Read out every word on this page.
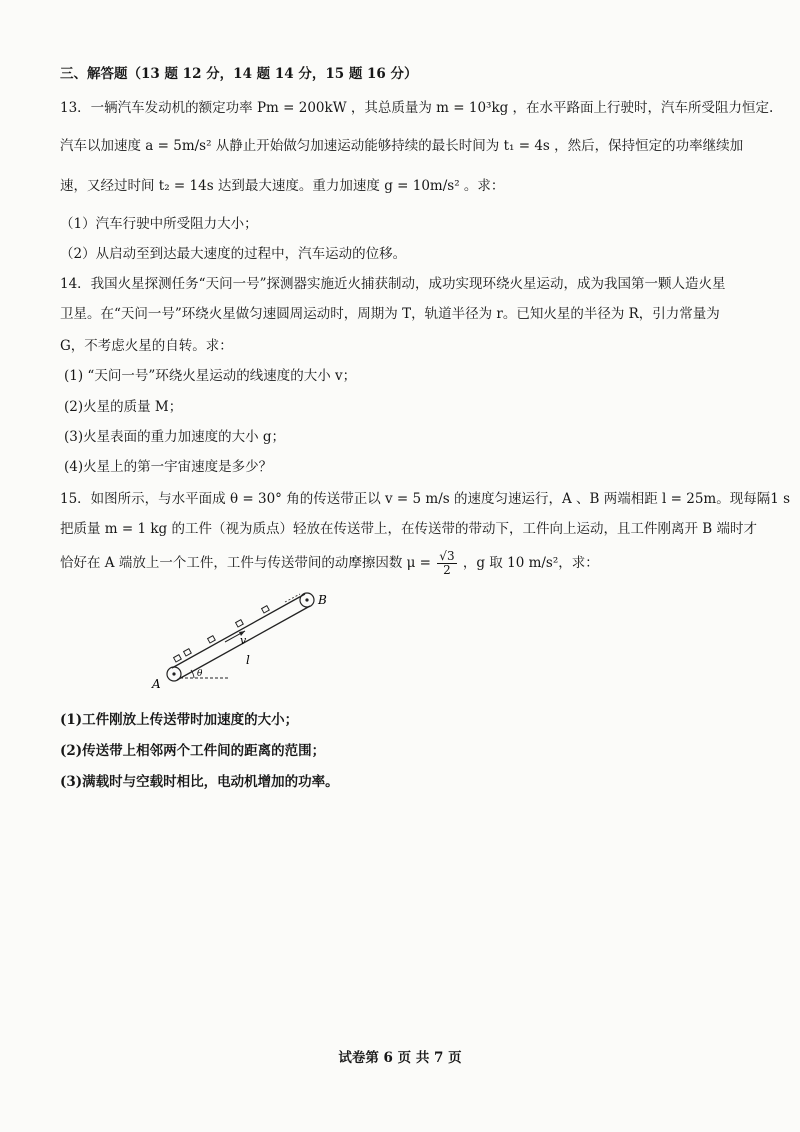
三、解答题（13 题 12 分，14 题 14 分，15 题 16 分）
13．一辆汽车发动机的额定功率 Pm = 200kW ，其总质量为 m = 10³kg ，在水平路面上行驶时，汽车所受阻力恒定.
汽车以加速度 a = 5m/s² 从静止开始做匀加速运动能够持续的最长时间为 t₁ = 4s ，然后，保持恒定的功率继续加
速，又经过时间 t₂ = 14s 达到最大速度。重力加速度 g = 10m/s² 。求：
（1）汽车行驶中所受阻力大小；
（2）从启动至到达最大速度的过程中，汽车运动的位移。
14．我国火星探测任务“天问一号”探测器实施近火捕获制动，成功实现环绕火星运动，成为我国第一颗人造火星
卫星。在“天问一号”环绕火星做匀速圆周运动时，周期为 T，轨道半径为 r。已知火星的半径为 R，引力常量为
G，不考虑火星的自转。求：
(1) “天问一号”环绕火星运动的线速度的大小 v；
(2)火星的质量 M；
(3)火星表面的重力加速度的大小 g；
(4)火星上的第一宇宙速度是多少？
15．如图所示，与水平面成 θ = 30° 角的传送带正以 v = 5 m/s 的速度匀速运行，A 、B 两端相距 l = 25m。现每隔1 s
把质量 m = 1 kg 的工件（视为质点）轻放在传送带上，在传送带的带动下，工件向上运动，且工件刚离开 B 端时才
恰好在 A 端放上一个工件，工件与传送带间的动摩擦因数 $\mu = \frac{√3}{2}$ ，g 取 10 m/s²，求：
A
B
v
l
θ
(1)工件刚放上传送带时加速度的大小；
(2)传送带上相邻两个工件间的距离的范围；
(3)满载时与空载时相比，电动机增加的功率。
试卷第 6 页 共 7 页
